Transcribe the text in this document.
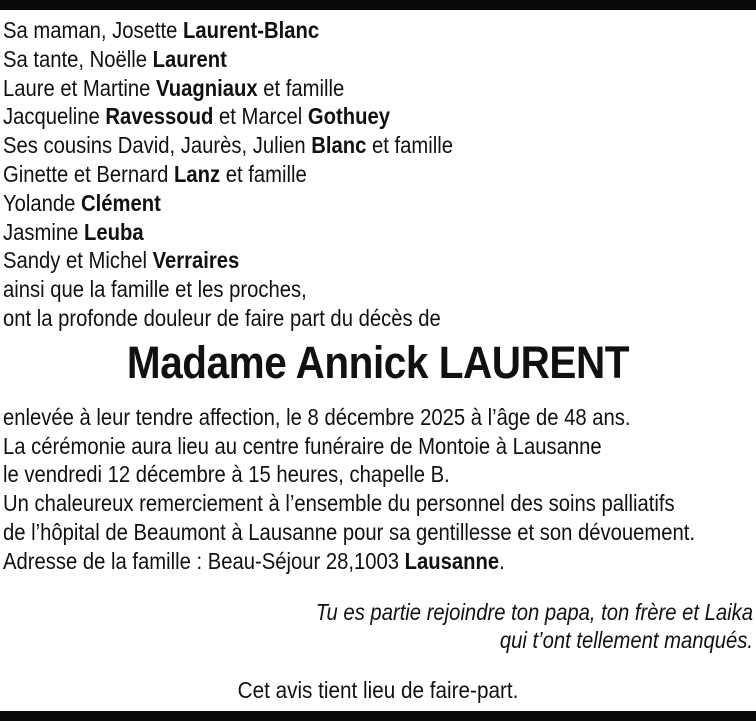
Sa maman, Josette Laurent-Blanc
Sa tante, Noëlle Laurent
Laure et Martine Vuagniaux et famille
Jacqueline Ravessoud et Marcel Gothuey
Ses cousins David, Jaurès, Julien Blanc et famille
Ginette et Bernard Lanz et famille
Yolande Clément
Jasmine Leuba
Sandy et Michel Verraires
ainsi que la famille et les proches,
ont la profonde douleur de faire part du décès de
Madame Annick LAURENT
enlevée à leur tendre affection, le 8 décembre 2025 à l’âge de 48 ans.
La cérémonie aura lieu au centre funéraire de Montoie à Lausanne
le vendredi 12 décembre à 15 heures, chapelle B.
Un chaleureux remerciement à l’ensemble du personnel des soins palliatifs
de l’hôpital de Beaumont à Lausanne pour sa gentillesse et son dévouement.
Adresse de la famille : Beau-Séjour 28,1003 Lausanne.
Tu es partie rejoindre ton papa, ton frère et Laika
qui t’ont tellement manqués.

Cet avis tient lieu de faire-part.
